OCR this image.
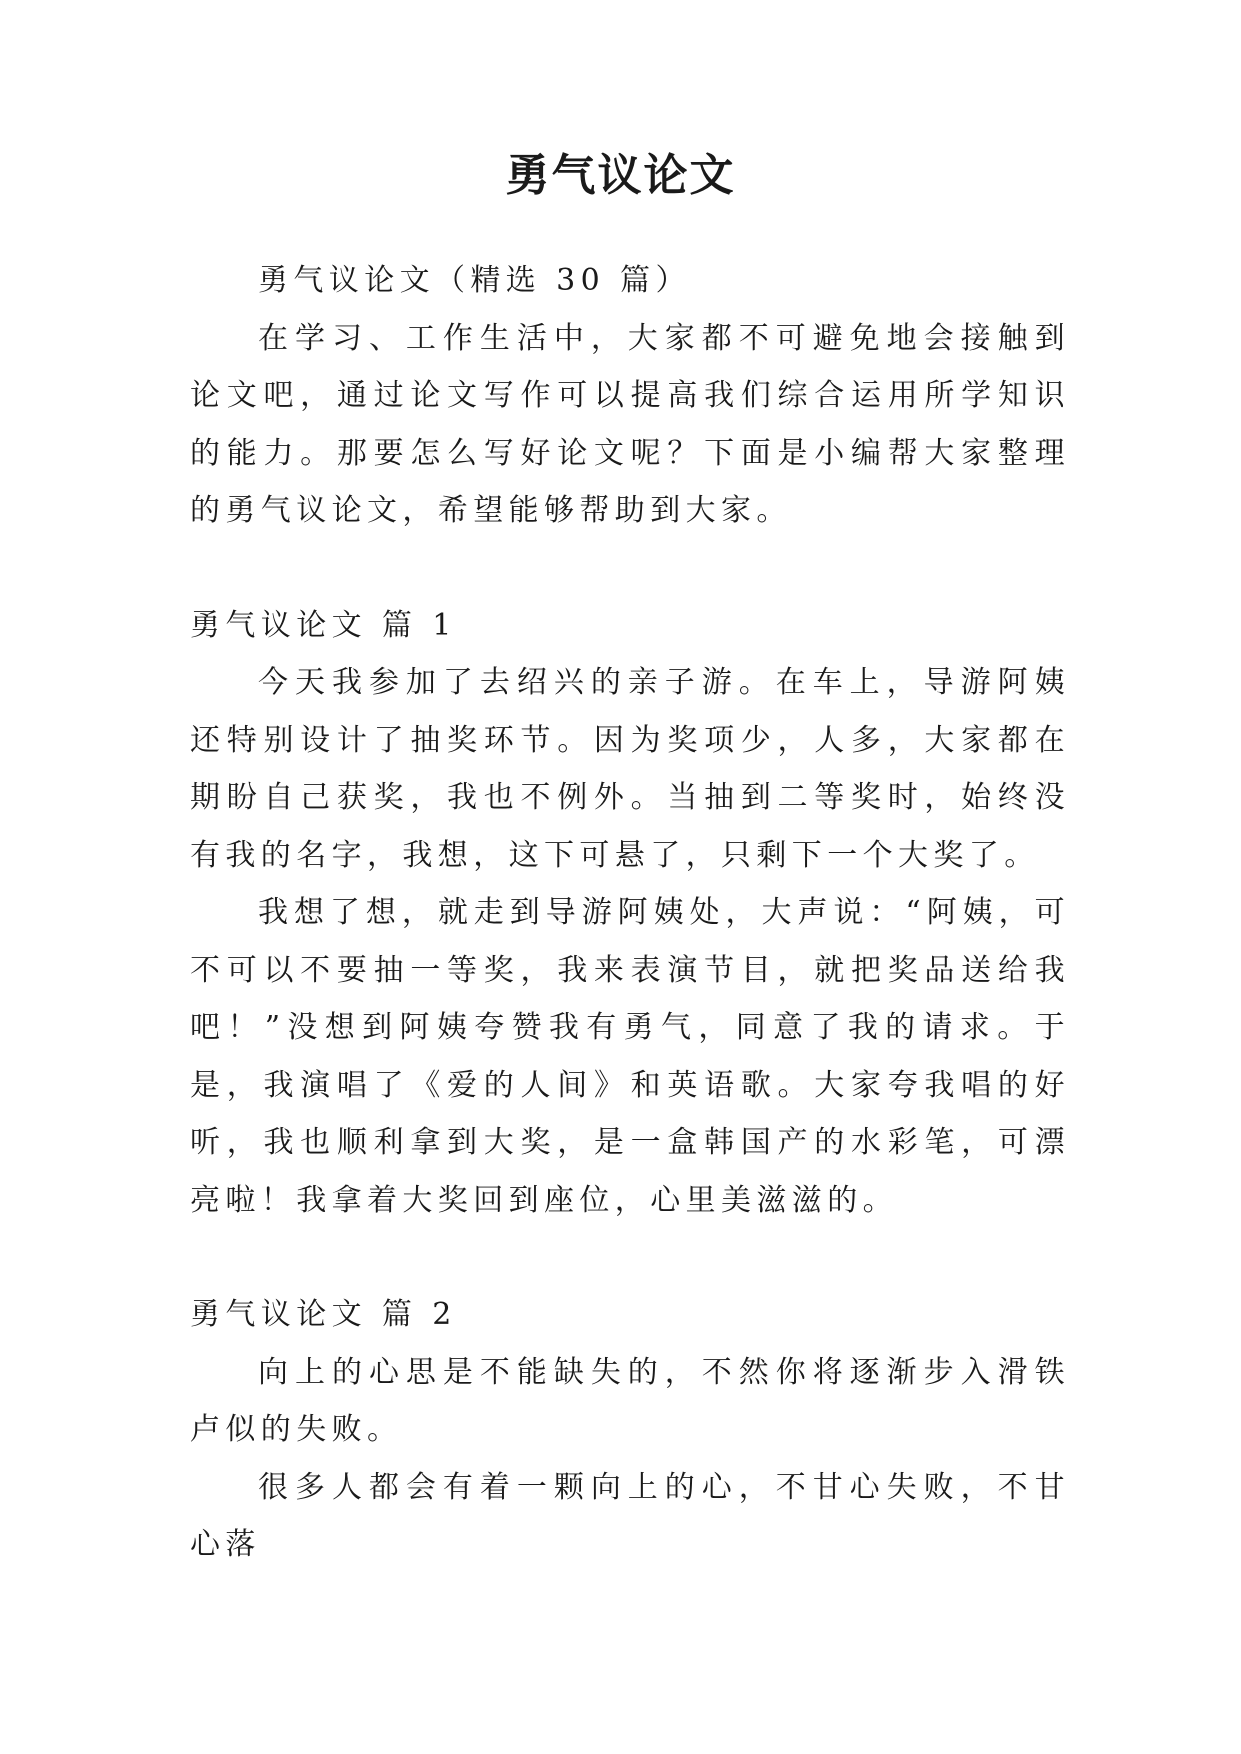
勇气议论文

勇气议论文（精选 30 篇）

在学习、工作生活中，大家都不可避免地会接触到论文吧，通过论文写作可以提高我们综合运用所学知识的能力。那要怎么写好论文呢？下面是小编帮大家整理的勇气议论文，希望能够帮助到大家。

勇气议论文 篇 1

今天我参加了去绍兴的亲子游。在车上，导游阿姨还特别设计了抽奖环节。因为奖项少，人多，大家都在期盼自己获奖，我也不例外。当抽到二等奖时，始终没有我的名字，我想，这下可悬了，只剩下一个大奖了。

我想了想，就走到导游阿姨处，大声说：“阿姨，可不可以不要抽一等奖，我来表演节目，就把奖品送给我吧！”没想到阿姨夸赞我有勇气，同意了我的请求。于是，我演唱了《爱的人间》和英语歌。大家夸我唱的好听，我也顺利拿到大奖，是一盒韩国产的水彩笔，可漂亮啦！我拿着大奖回到座位，心里美滋滋的。

勇气议论文 篇 2

向上的心思是不能缺失的，不然你将逐渐步入滑铁卢似的失败。

很多人都会有着一颗向上的心，不甘心失败，不甘心落
